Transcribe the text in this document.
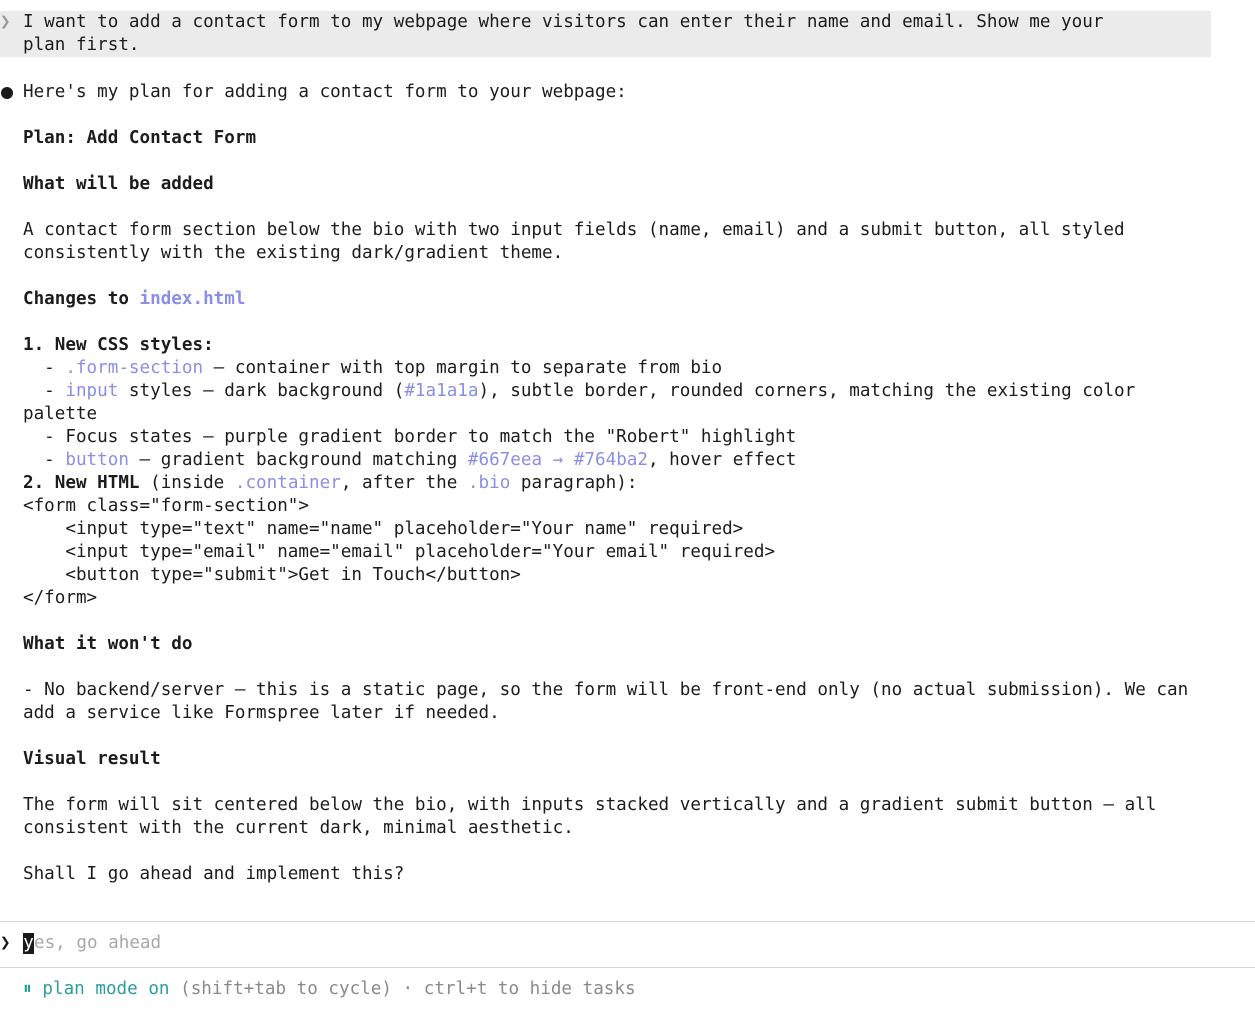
❯ I want to add a contact form to my webpage where visitors can enter their name and email. Show me your
plan first.
Here's my plan for adding a contact form to your webpage:
Plan: Add Contact Form
What will be added
A contact form section below the bio with two input fields (name, email) and a submit button, all styled
consistently with the existing dark/gradient theme.
Changes to index.html
1. New CSS styles:
- .form-section — container with top margin to separate from bio
- input styles — dark background (#1a1a1a), subtle border, rounded corners, matching the existing color
palette
- Focus states — purple gradient border to match the "Robert" highlight
- button — gradient background matching #667eea → #764ba2, hover effect
2. New HTML (inside .container, after the .bio paragraph):
<form class="form-section">
<input type="text" name="name" placeholder="Your name" required>
<input type="email" name="email" placeholder="Your email" required>
<button type="submit">Get in Touch</button>
</form>
What it won't do
- No backend/server — this is a static page, so the form will be front-end only (no actual submission). We can
add a service like Formspree later if needed.
Visual result
The form will sit centered below the bio, with inputs stacked vertically and a gradient submit button — all
consistent with the current dark, minimal aesthetic.
Shall I go ahead and implement this?
❯ y es, go ahead
⏸ plan mode on (shift+tab to cycle) · ctrl+t to hide tasks
